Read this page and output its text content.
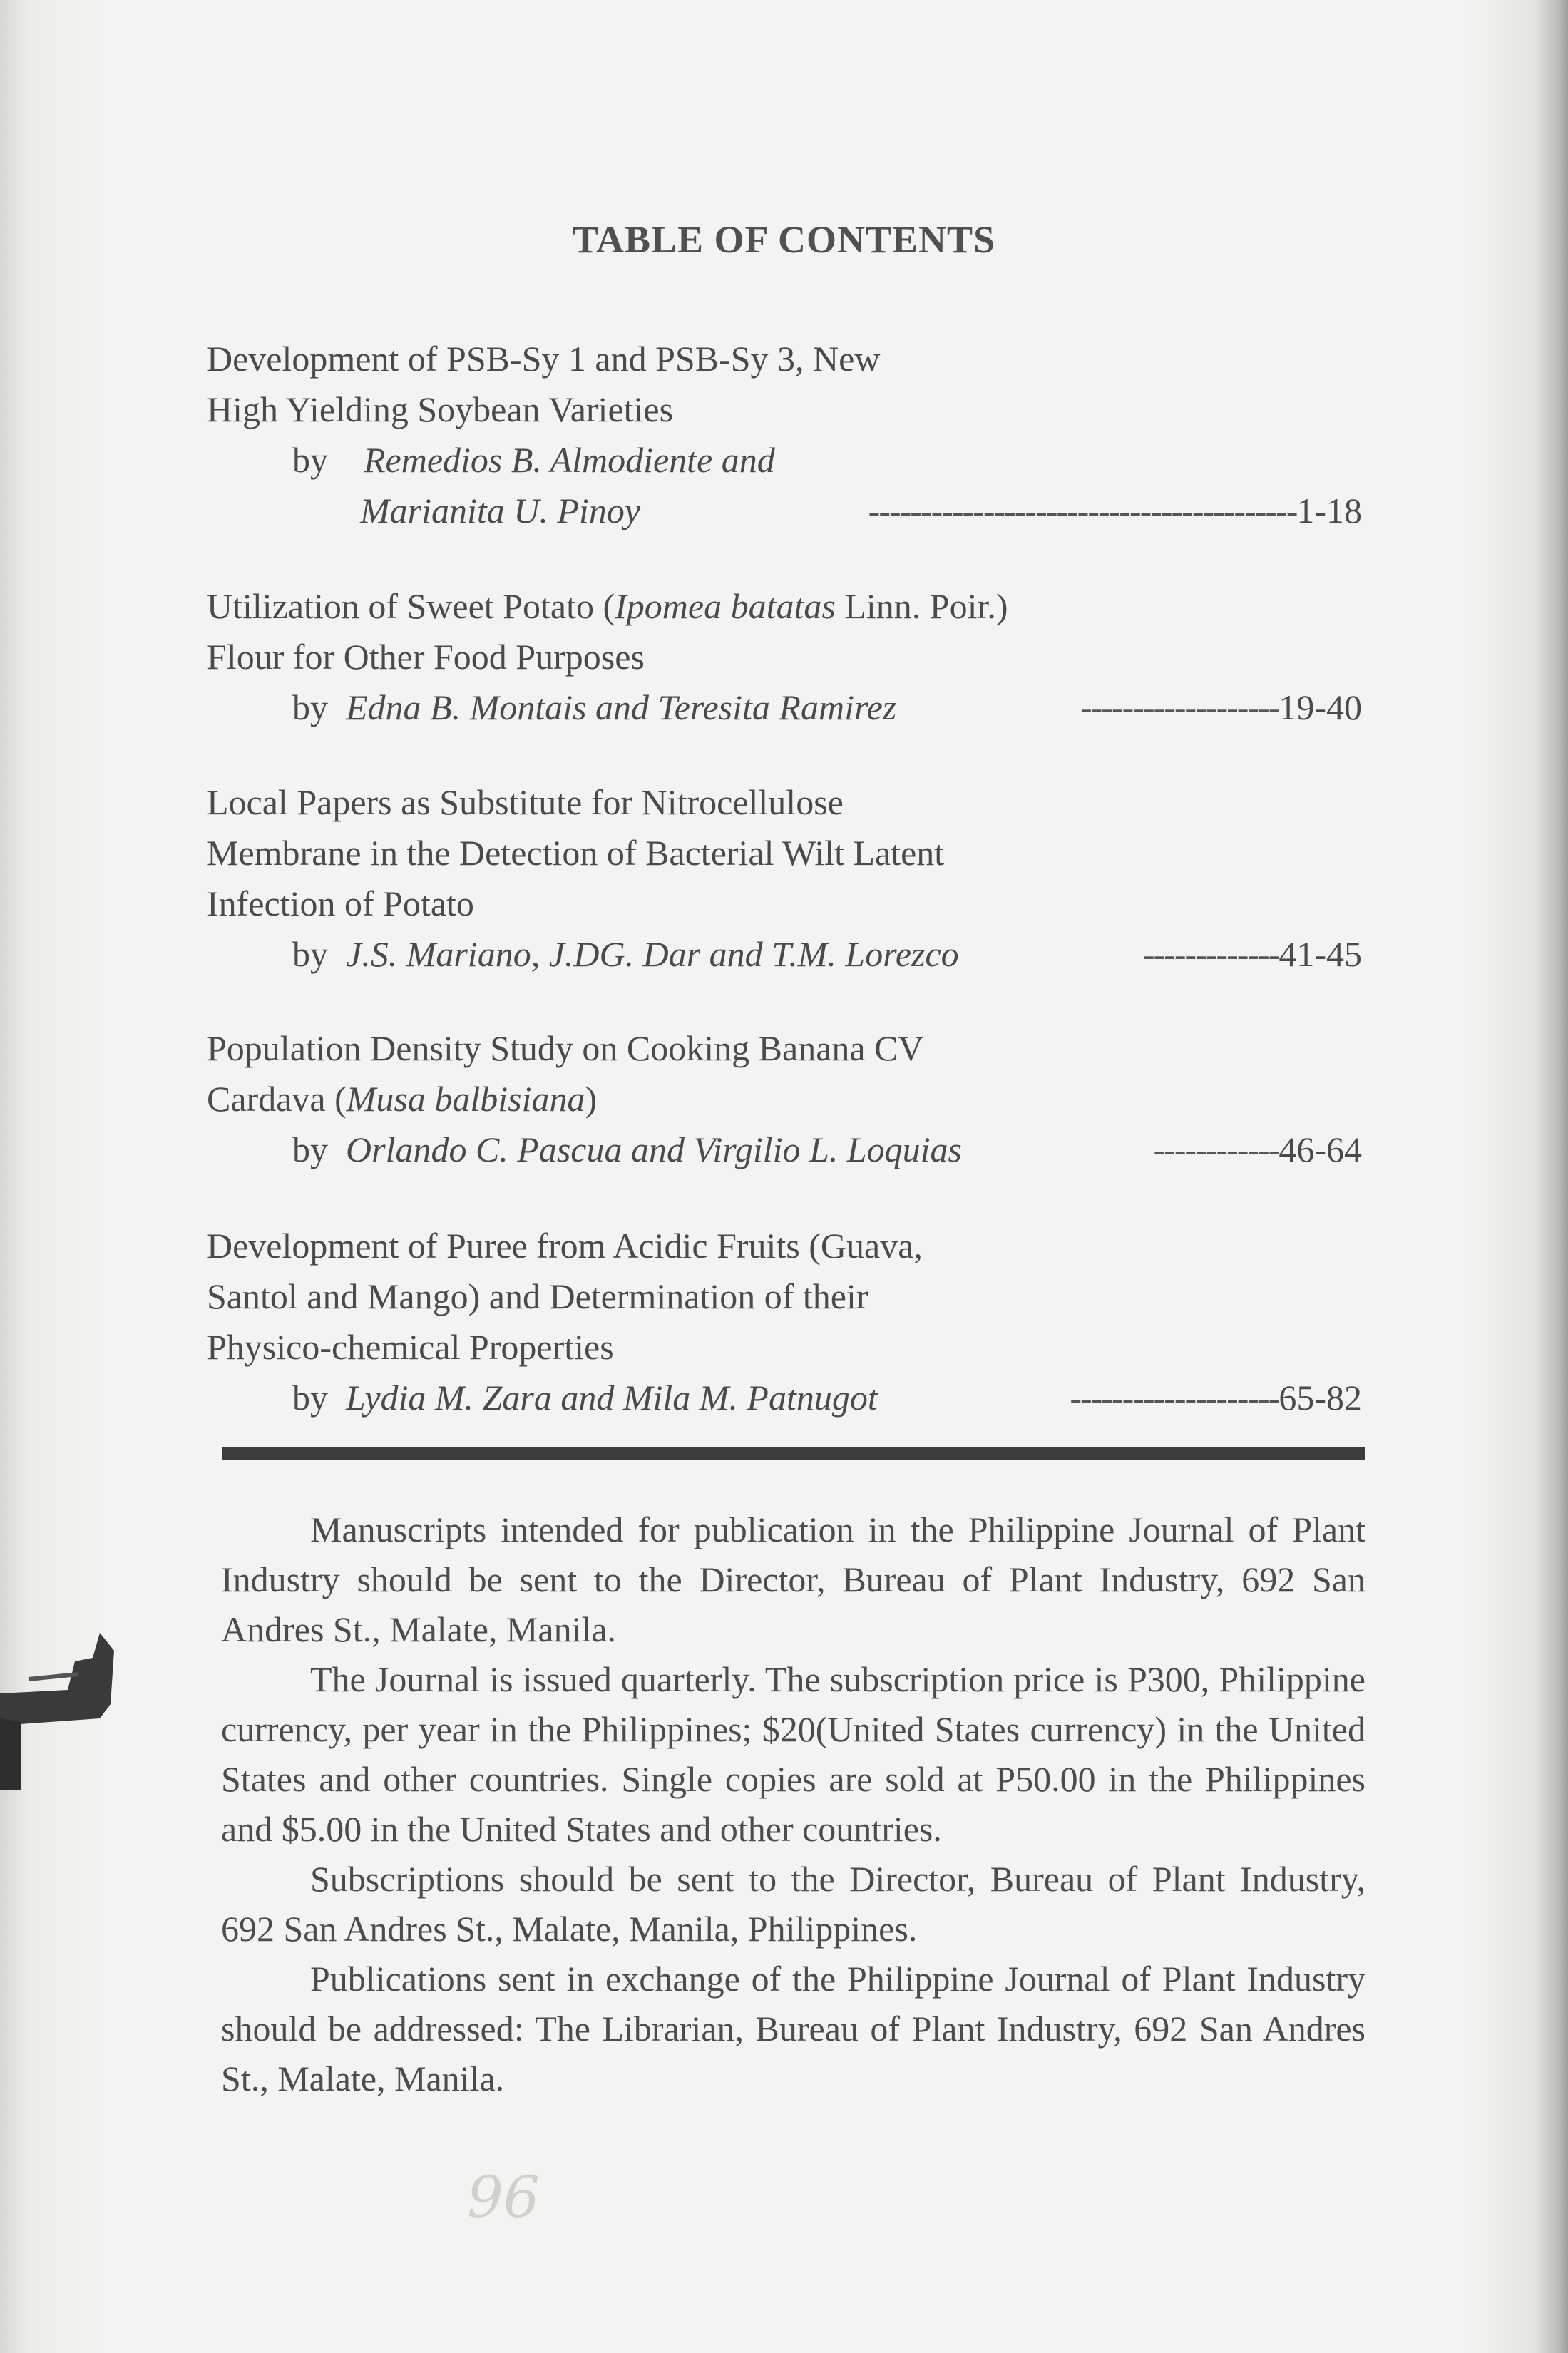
TABLE OF CONTENTS
Development of PSB-Sy 1 and PSB-Sy 3, New
High Yielding Soybean Varieties
by Remedios B. Almodiente and
Marianita U. Pinoy	-----------------------------------------1-18
Utilization of Sweet Potato (Ipomea batatas Linn. Poir.)
Flour for Other Food Purposes
by Edna B. Montais and Teresita Ramirez	-------------------19-40
Local Papers as Substitute for Nitrocellulose
Membrane in the Detection of Bacterial Wilt Latent
Infection of Potato
by J.S. Mariano, J.DG. Dar and T.M. Lorezco	-------------41-45
Population Density Study on Cooking Banana CV
Cardava (Musa balbisiana)
by Orlando C. Pascua and Virgilio L. Loquias	------------46-64
Development of Puree from Acidic Fruits (Guava,
Santol and Mango) and Determination of their
Physico-chemical Properties
by Lydia M. Zara and Mila M. Patnugot	--------------------65-82

Manuscripts intended for publication in the Philippine Journal of Plant Industry should be sent to the Director, Bureau of Plant Industry, 692 San Andres St., Malate, Manila.

The Journal is issued quarterly. The subscription price is P300, Philippine currency, per year in the Philippines; $20(United States currency) in the United States and other countries. Single copies are sold at P50.00 in the Philippines and $5.00 in the United States and other countries.

Subscriptions should be sent to the Director, Bureau of Plant Industry, 692 San Andres St., Malate, Manila, Philippines.

Publications sent in exchange of the Philippine Journal of Plant Industry should be addressed: The Librarian, Bureau of Plant Industry, 692 San Andres St., Malate, Manila.

96
